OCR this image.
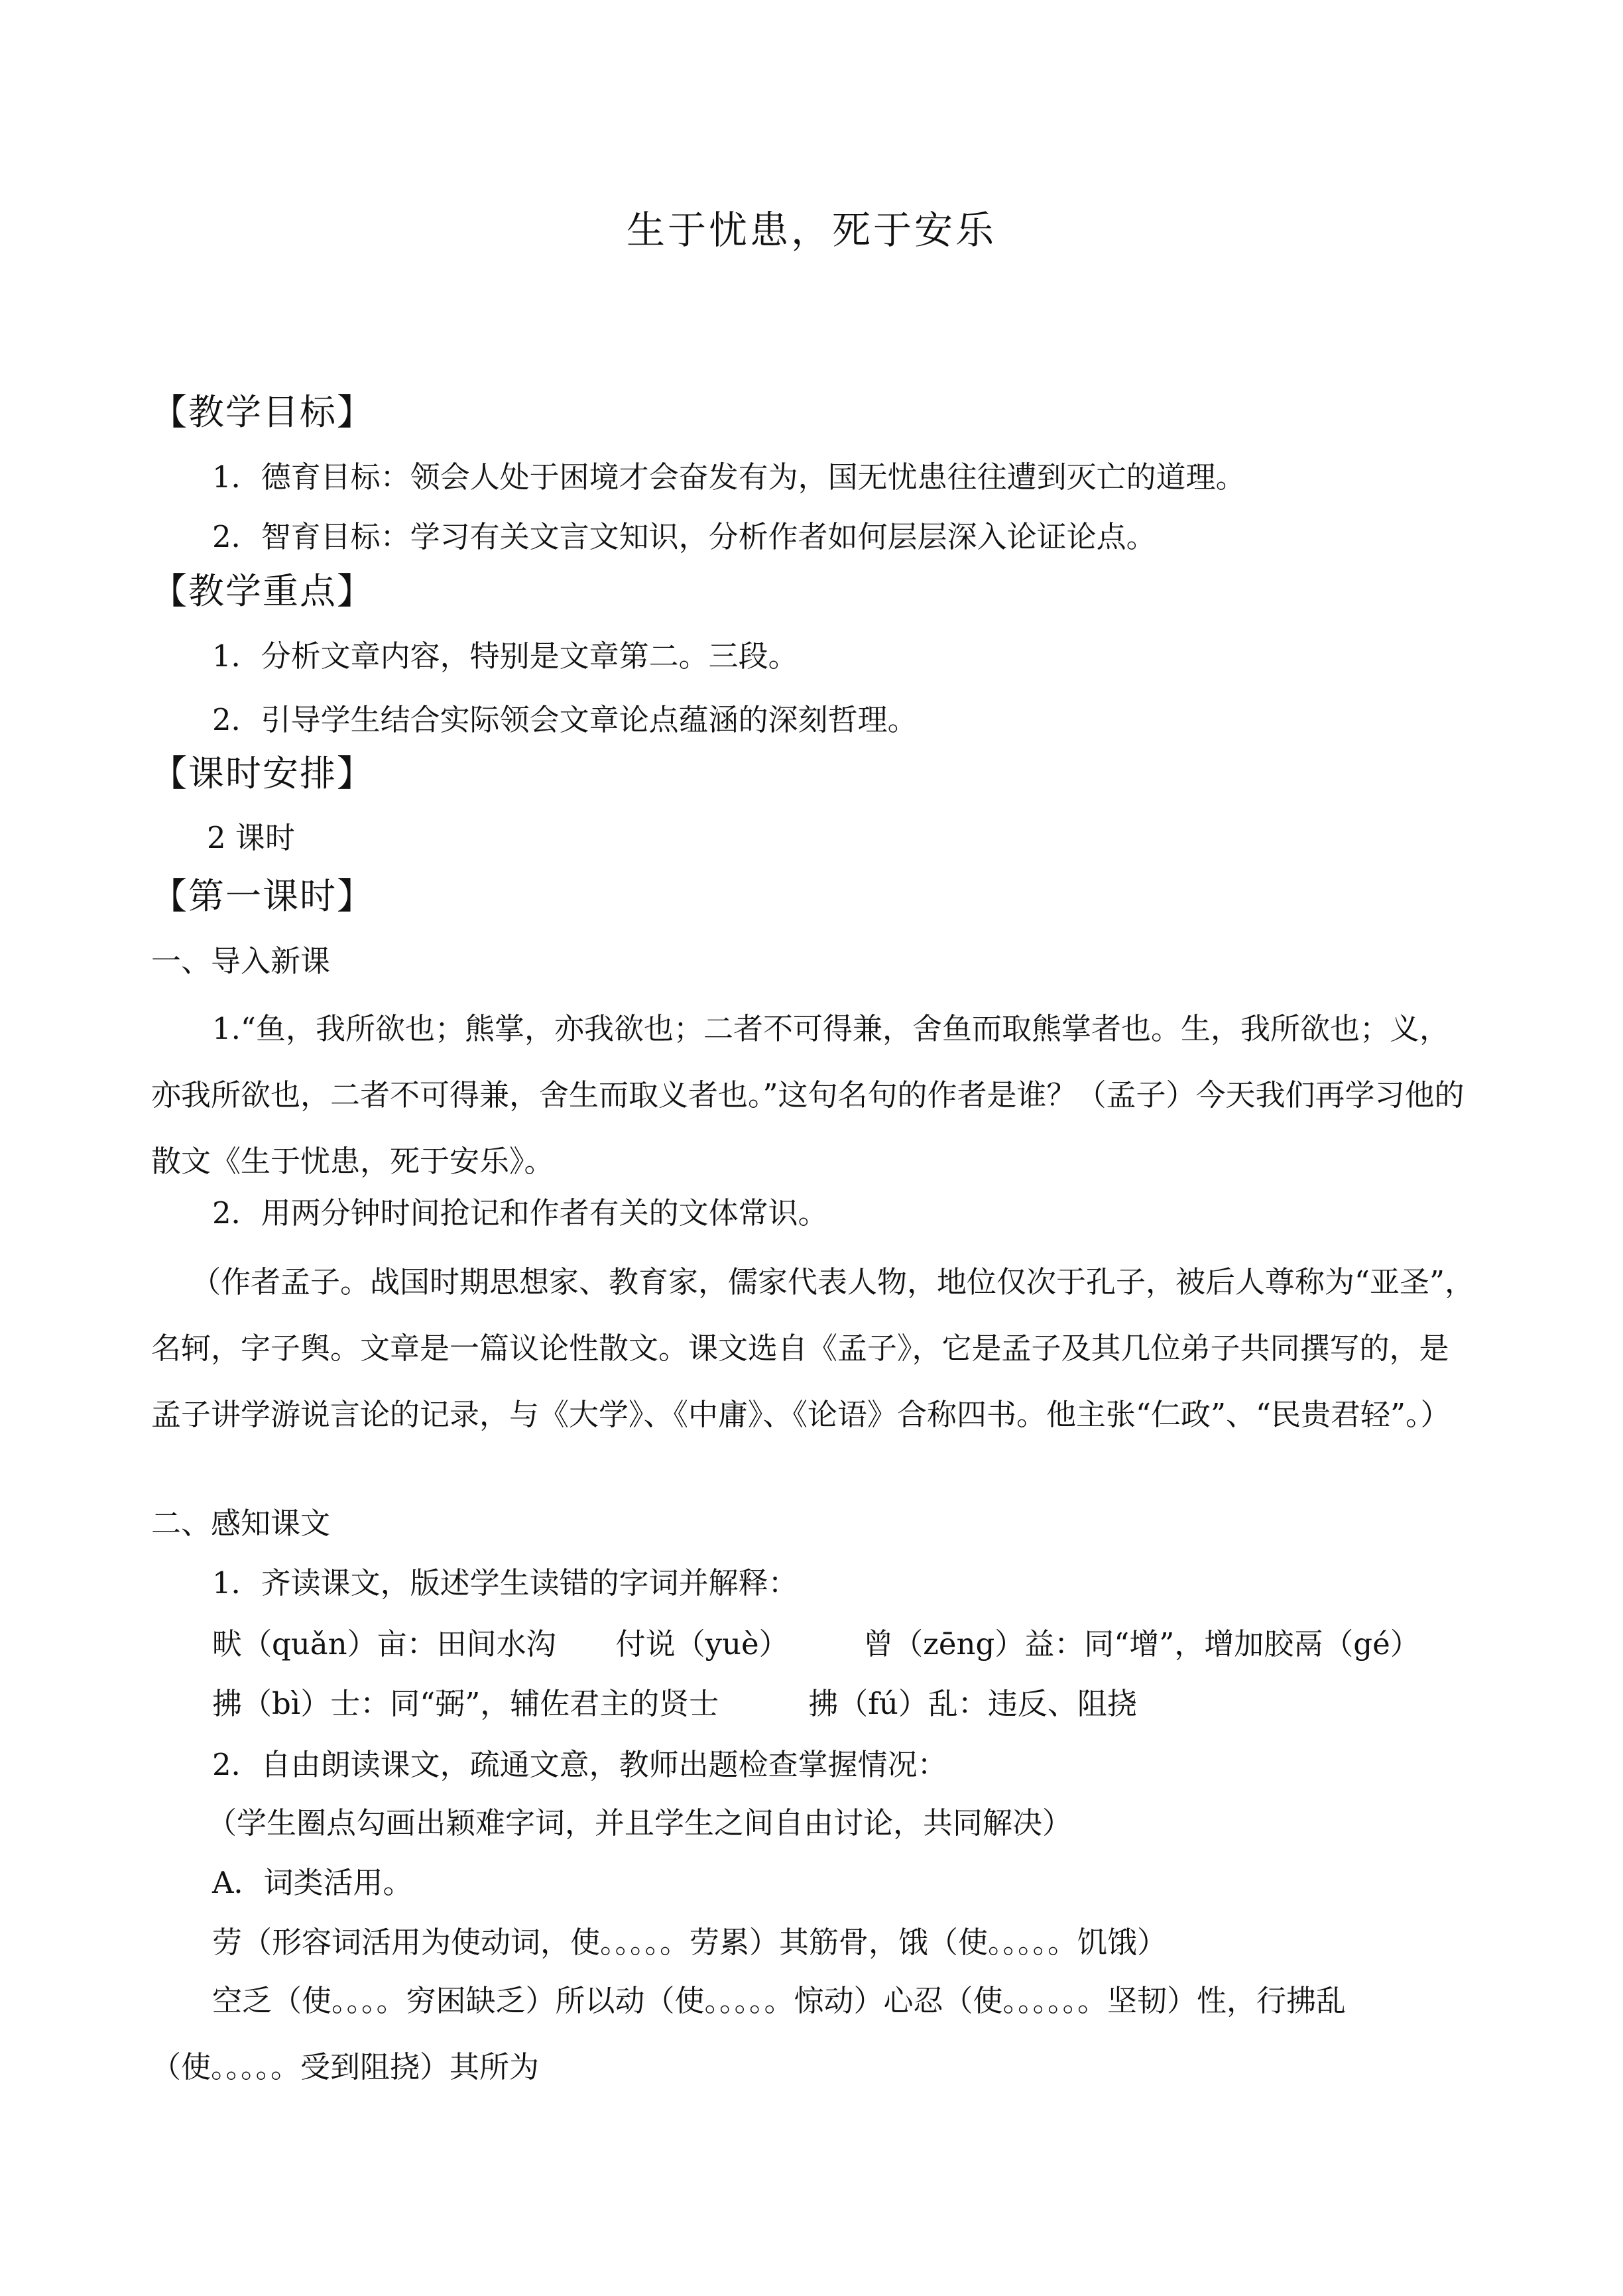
生于忧患，死于安乐
【教学目标】
1．德育目标：领会人处于困境才会奋发有为，国无忧患往往遭到灭亡的道理。
2．智育目标：学习有关文言文知识，分析作者如何层层深入论证论点。
【教学重点】
1．分析文章内容，特别是文章第二。三段。
2．引导学生结合实际领会文章论点蕴涵的深刻哲理。
【课时安排】
2 课时
【第一课时】
一、导入新课
1.“鱼，我所欲也；熊掌，亦我欲也；二者不可得兼，舍鱼而取熊掌者也。生，我所欲也；义，亦我所欲也，二者不可得兼，舍生而取义者也。”这句名句的作者是谁？（孟子）今天我们再学习他的散文《生于忧患，死于安乐》。
2．用两分钟时间抢记和作者有关的文体常识。
（作者孟子。战国时期思想家、教育家，儒家代表人物，地位仅次于孔子，被后人尊称为“亚圣”，名轲，字子舆。文章是一篇议论性散文。课文选自《孟子》，它是孟子及其几位弟子共同撰写的，是孟子讲学游说言论的记录，与《大学》、《中庸》、《论语》合称四书。他主张“仁政”、“民贵君轻”。）
二、感知课文
1．齐读课文，版述学生读错的字词并解释：
畎（quǎn）亩：田间水沟　　付说（yuè）　　　曾（zēng）益：同“增”，增加胶鬲（gé）
拂（bì）士：同“弼”，辅佐君主的贤士　　　拂（fú）乱：违反、阻挠
2．自由朗读课文，疏通文意，教师出题检查掌握情况：
（学生圈点勾画出颖难字词，并且学生之间自由讨论，共同解决）
A．词类活用。
劳（形容词活用为使动词，使。。。。。劳累）其筋骨，饿（使。。。。。饥饿）
空乏（使。。。。穷困缺乏）所以动（使。。。。。惊动）心忍（使。。。。。。坚韧）性，行拂乱（使。。。。。受到阻挠）其所为
